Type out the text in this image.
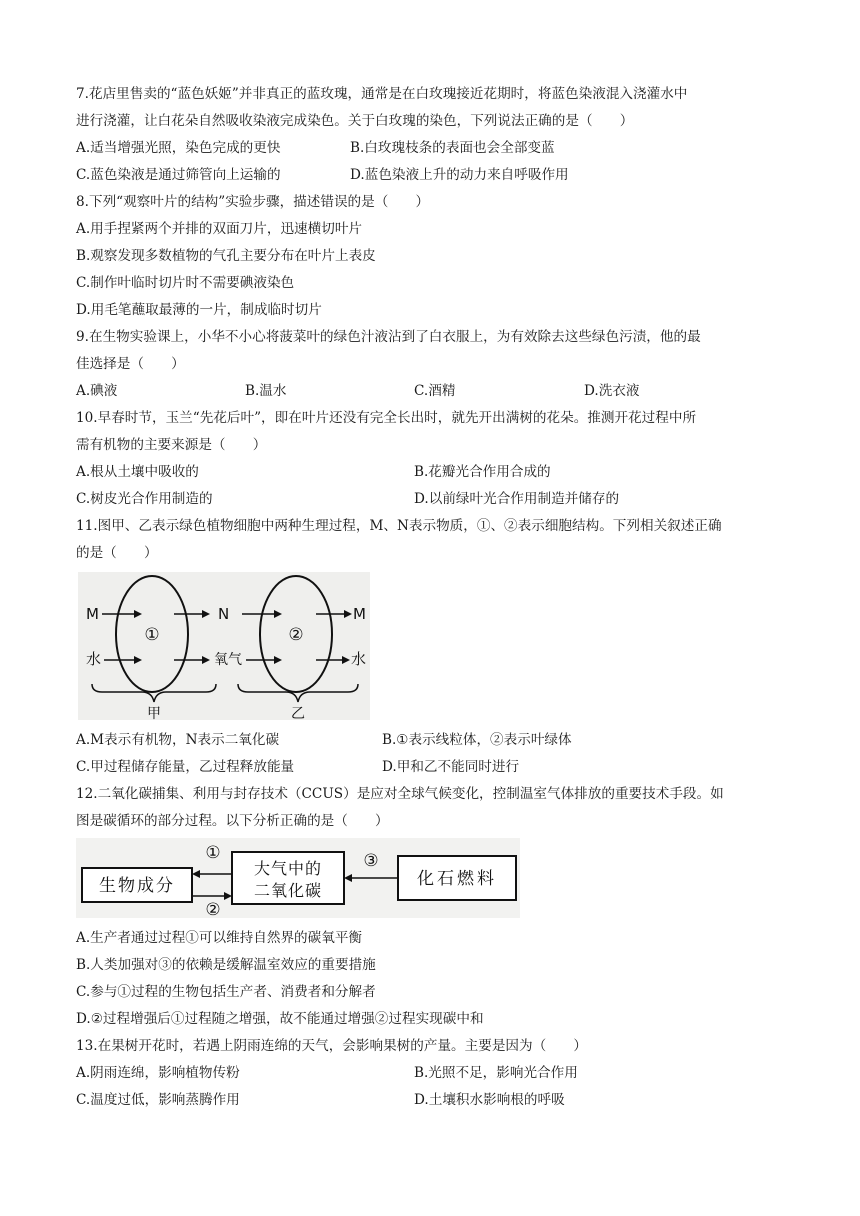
7.花店里售卖的“蓝色妖姬”并非真正的蓝玫瑰，通常是在白玫瑰接近花期时，将蓝色染液混入浇灌水中
进行浇灌，让白花朵自然吸收染液完成染色。关于白玫瑰的染色，下列说法正确的是（　　）
A.适当增强光照，染色完成的更快	B.白玫瑰枝条的表面也会全部变蓝
C.蓝色染液是通过筛管向上运输的	D.蓝色染液上升的动力来自呼吸作用
8.下列“观察叶片的结构”实验步骤，描述错误的是（　　）
A.用手捏紧两个并排的双面刀片，迅速横切叶片
B.观察发现多数植物的气孔主要分布在叶片上表皮
C.制作叶临时切片时不需要碘液染色
D.用毛笔蘸取最薄的一片，制成临时切片
9.在生物实验课上，小华不小心将菠菜叶的绿色汁液沾到了白衣服上，为有效除去这些绿色污渍，他的最
佳选择是（　　）
A.碘液	B.温水	C.酒精	D.洗衣液
10.早春时节，玉兰“先花后叶”，即在叶片还没有完全长出时，就先开出满树的花朵。推测开花过程中所
需有机物的主要来源是（　　）
A.根从土壤中吸收的	B.花瓣光合作用合成的
C.树皮光合作用制造的	D.以前绿叶光合作用制造并储存的
11.图甲、乙表示绿色植物细胞中两种生理过程，M、N表示物质，①、②表示细胞结构。下列相关叙述正确
的是（　　）
①
M
水
N
氧气
甲
②
M
水
乙
A.M表示有机物，N表示二氧化碳	B.①表示线粒体，②表示叶绿体
C.甲过程储存能量，乙过程释放能量	D.甲和乙不能同时进行
12.二氧化碳捕集、利用与封存技术（CCUS）是应对全球气候变化，控制温室气体排放的重要技术手段。如
图是碳循环的部分过程。以下分析正确的是（　　）
生物成分
大气中的
二氧化碳
化石燃料
①
②
③
A.生产者通过过程①可以维持自然界的碳氧平衡
B.人类加强对③的依赖是缓解温室效应的重要措施
C.参与①过程的生物包括生产者、消费者和分解者
D.②过程增强后①过程随之增强，故不能通过增强②过程实现碳中和
13.在果树开花时，若遇上阴雨连绵的天气，会影响果树的产量。主要是因为（　　）
A.阴雨连绵，影响植物传粉	B.光照不足，影响光合作用
C.温度过低，影响蒸腾作用	D.土壤积水影响根的呼吸
